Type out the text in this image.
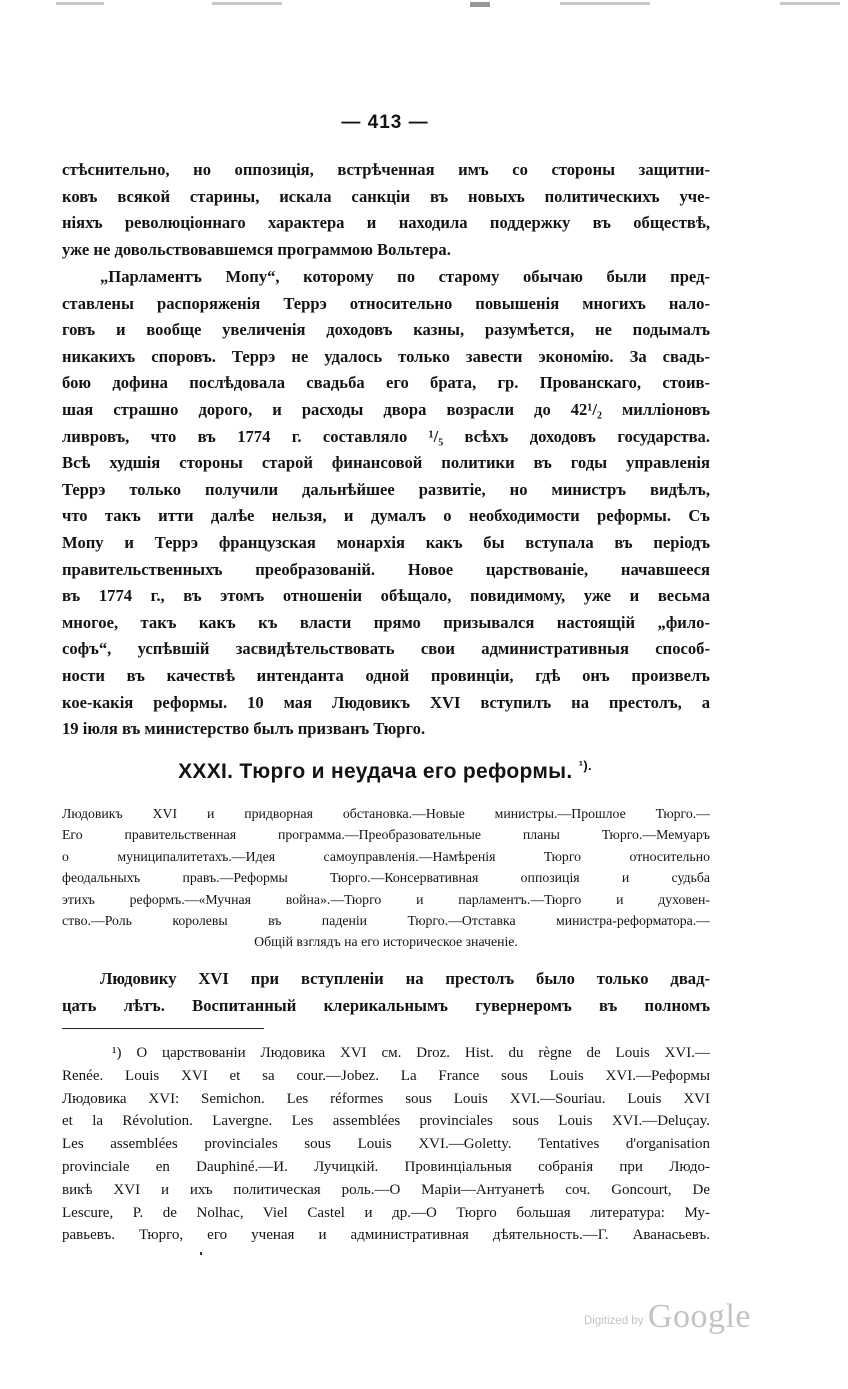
— 413 —
стѣснительно, но оппозиція, встрѣченная имъ со стороны защитни-
ковъ всякой старины, искала санкціи въ новыхъ политическихъ уче-
ніяхъ революціоннаго характера и находила поддержку въ обществѣ,
уже не довольствовавшемся программою Вольтера.
„Парламентъ Мопу“, которому по старому обычаю были пред-
ставлены распоряженія Террэ относительно повышенія многихъ нало-
говъ и вообще увеличенія доходовъ казны, разумѣется, не подымалъ
никакихъ споровъ. Террэ не удалось только завести экономію. За свадь-
бою дофина послѣдовала свадьба его брата, гр. Прованскаго, стоив-
шая страшно дорого, и расходы двора возрасли до 42¹/₂ милліоновъ
ливровъ, что въ 1774 г. составляло ¹/₅ всѣхъ доходовъ государства.
Всѣ худшія стороны старой финансовой политики въ годы управленія
Террэ только получили дальнѣйшее развитіе, но министръ видѣлъ,
что такъ итти далѣе нельзя, и думалъ о необходимости реформы. Съ
Мопу и Террэ французская монархія какъ бы вступала въ періодъ
правительственныхъ преобразованій. Новое царствованіе, начавшееся
въ 1774 г., въ этомъ отношеніи обѣщало, повидимому, уже и весьма
многое, такъ какъ къ власти прямо призывался настоящій „фило-
софъ“, успѣвшій засвидѣтельствовать свои административныя способ-
ности въ качествѣ интенданта одной провинціи, гдѣ онъ произвелъ
кое-какія реформы. 10 мая Людовикъ XVI вступилъ на престолъ, а
19 іюля въ министерство былъ призванъ Тюрго.
XXXI. Тюрго и неудача его реформы. $^{^1).}$
Людовикъ XVI и придворная обстановка.—Новые министры.—Прошлое Тюрго.—
Его правительственная программа.—Преобразовательные планы Тюрго.—Мемуаръ
о муниципалитетахъ.—Идея самоуправленія.—Намѣренія Тюрго относительно
феодальныхъ правъ.—Реформы Тюрго.—Консервативная оппозиція и судьба
этихъ реформъ.—«Мучная война».—Тюрго и парламентъ.—Тюрго и духовен-
ство.—Роль королевы въ паденіи Тюрго.—Отставка министра-реформатора.—
Общій взглядъ на его историческое значеніе.
Людовику XVI при вступленіи на престолъ было только двад-
цать лѣтъ. Воспитанный клерикальнымъ гувернеромъ въ полномъ
¹) О царствованіи Людовика XVI см. Droz. Hist. du règne de Louis XVI.—
Renée. Louis XVI et sa cour.—Jobez. La France sous Louis XVI.—Реформы
Людовика XVI: Semichon. Les réformes sous Louis XVI.—Souriau. Louis XVI
et la Révolution. Lavergne. Les assemblées provinciales sous Louis XVI.—Deluçay.
Les assemblées provinciales sous Louis XVI.—Goletty. Tentatives d'organisation
provinciale en Dauphiné.—И. Лучицкій. Провинціальныя собранія при Людо-
викѣ XVI и ихъ политическая роль.—О Маріи—Антуанетѣ соч. Goncourt, De
Lescure, P. de Nolhac, Viel Castel и др.—О Тюрго большая литература: Му-
равьевъ. Тюрго, его ученая и административная дѣятельность.—Г. Аванасьевъ.
Digitized by Google
